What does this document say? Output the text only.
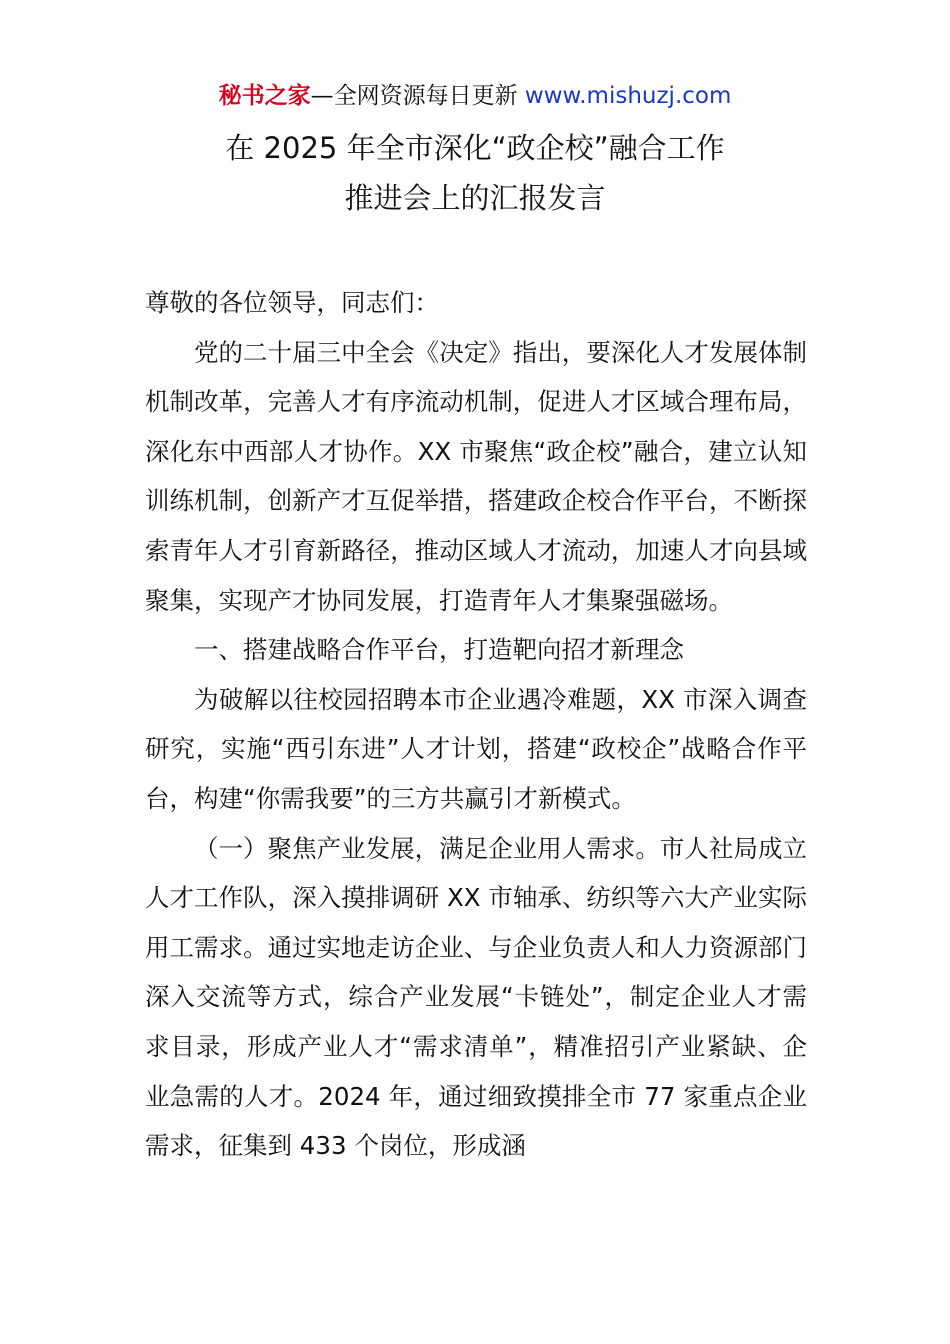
秘书之家—全网资源每日更新 www.mishuzj.com
在 2025 年全市深化“政企校”融合工作
推进会上的汇报发言

尊敬的各位领导，同志们：

党的二十届三中全会《决定》指出，要深化人才发展体制机制改革，完善人才有序流动机制，促进人才区域合理布局，深化东中西部人才协作。XX 市聚焦“政企校”融合，建立认知训练机制，创新产才互促举措，搭建政企校合作平台，不断探索青年人才引育新路径，推动区域人才流动，加速人才向县域聚集，实现产才协同发展，打造青年人才集聚强磁场。

一、搭建战略合作平台，打造靶向招才新理念

为破解以往校园招聘本市企业遇冷难题，XX 市深入调查研究，实施“西引东进”人才计划，搭建“政校企”战略合作平台，构建“你需我要”的三方共赢引才新模式。

（一）聚焦产业发展，满足企业用人需求。市人社局成立人才工作队，深入摸排调研 XX 市轴承、纺织等六大产业实际用工需求。通过实地走访企业、与企业负责人和人力资源部门深入交流等方式，综合产业发展“卡链处”，制定企业人才需求目录，形成产业人才“需求清单”，精准招引产业紧缺、企业急需的人才。2024 年，通过细致摸排全市 77 家重点企业需求，征集到 433 个岗位，形成涵
